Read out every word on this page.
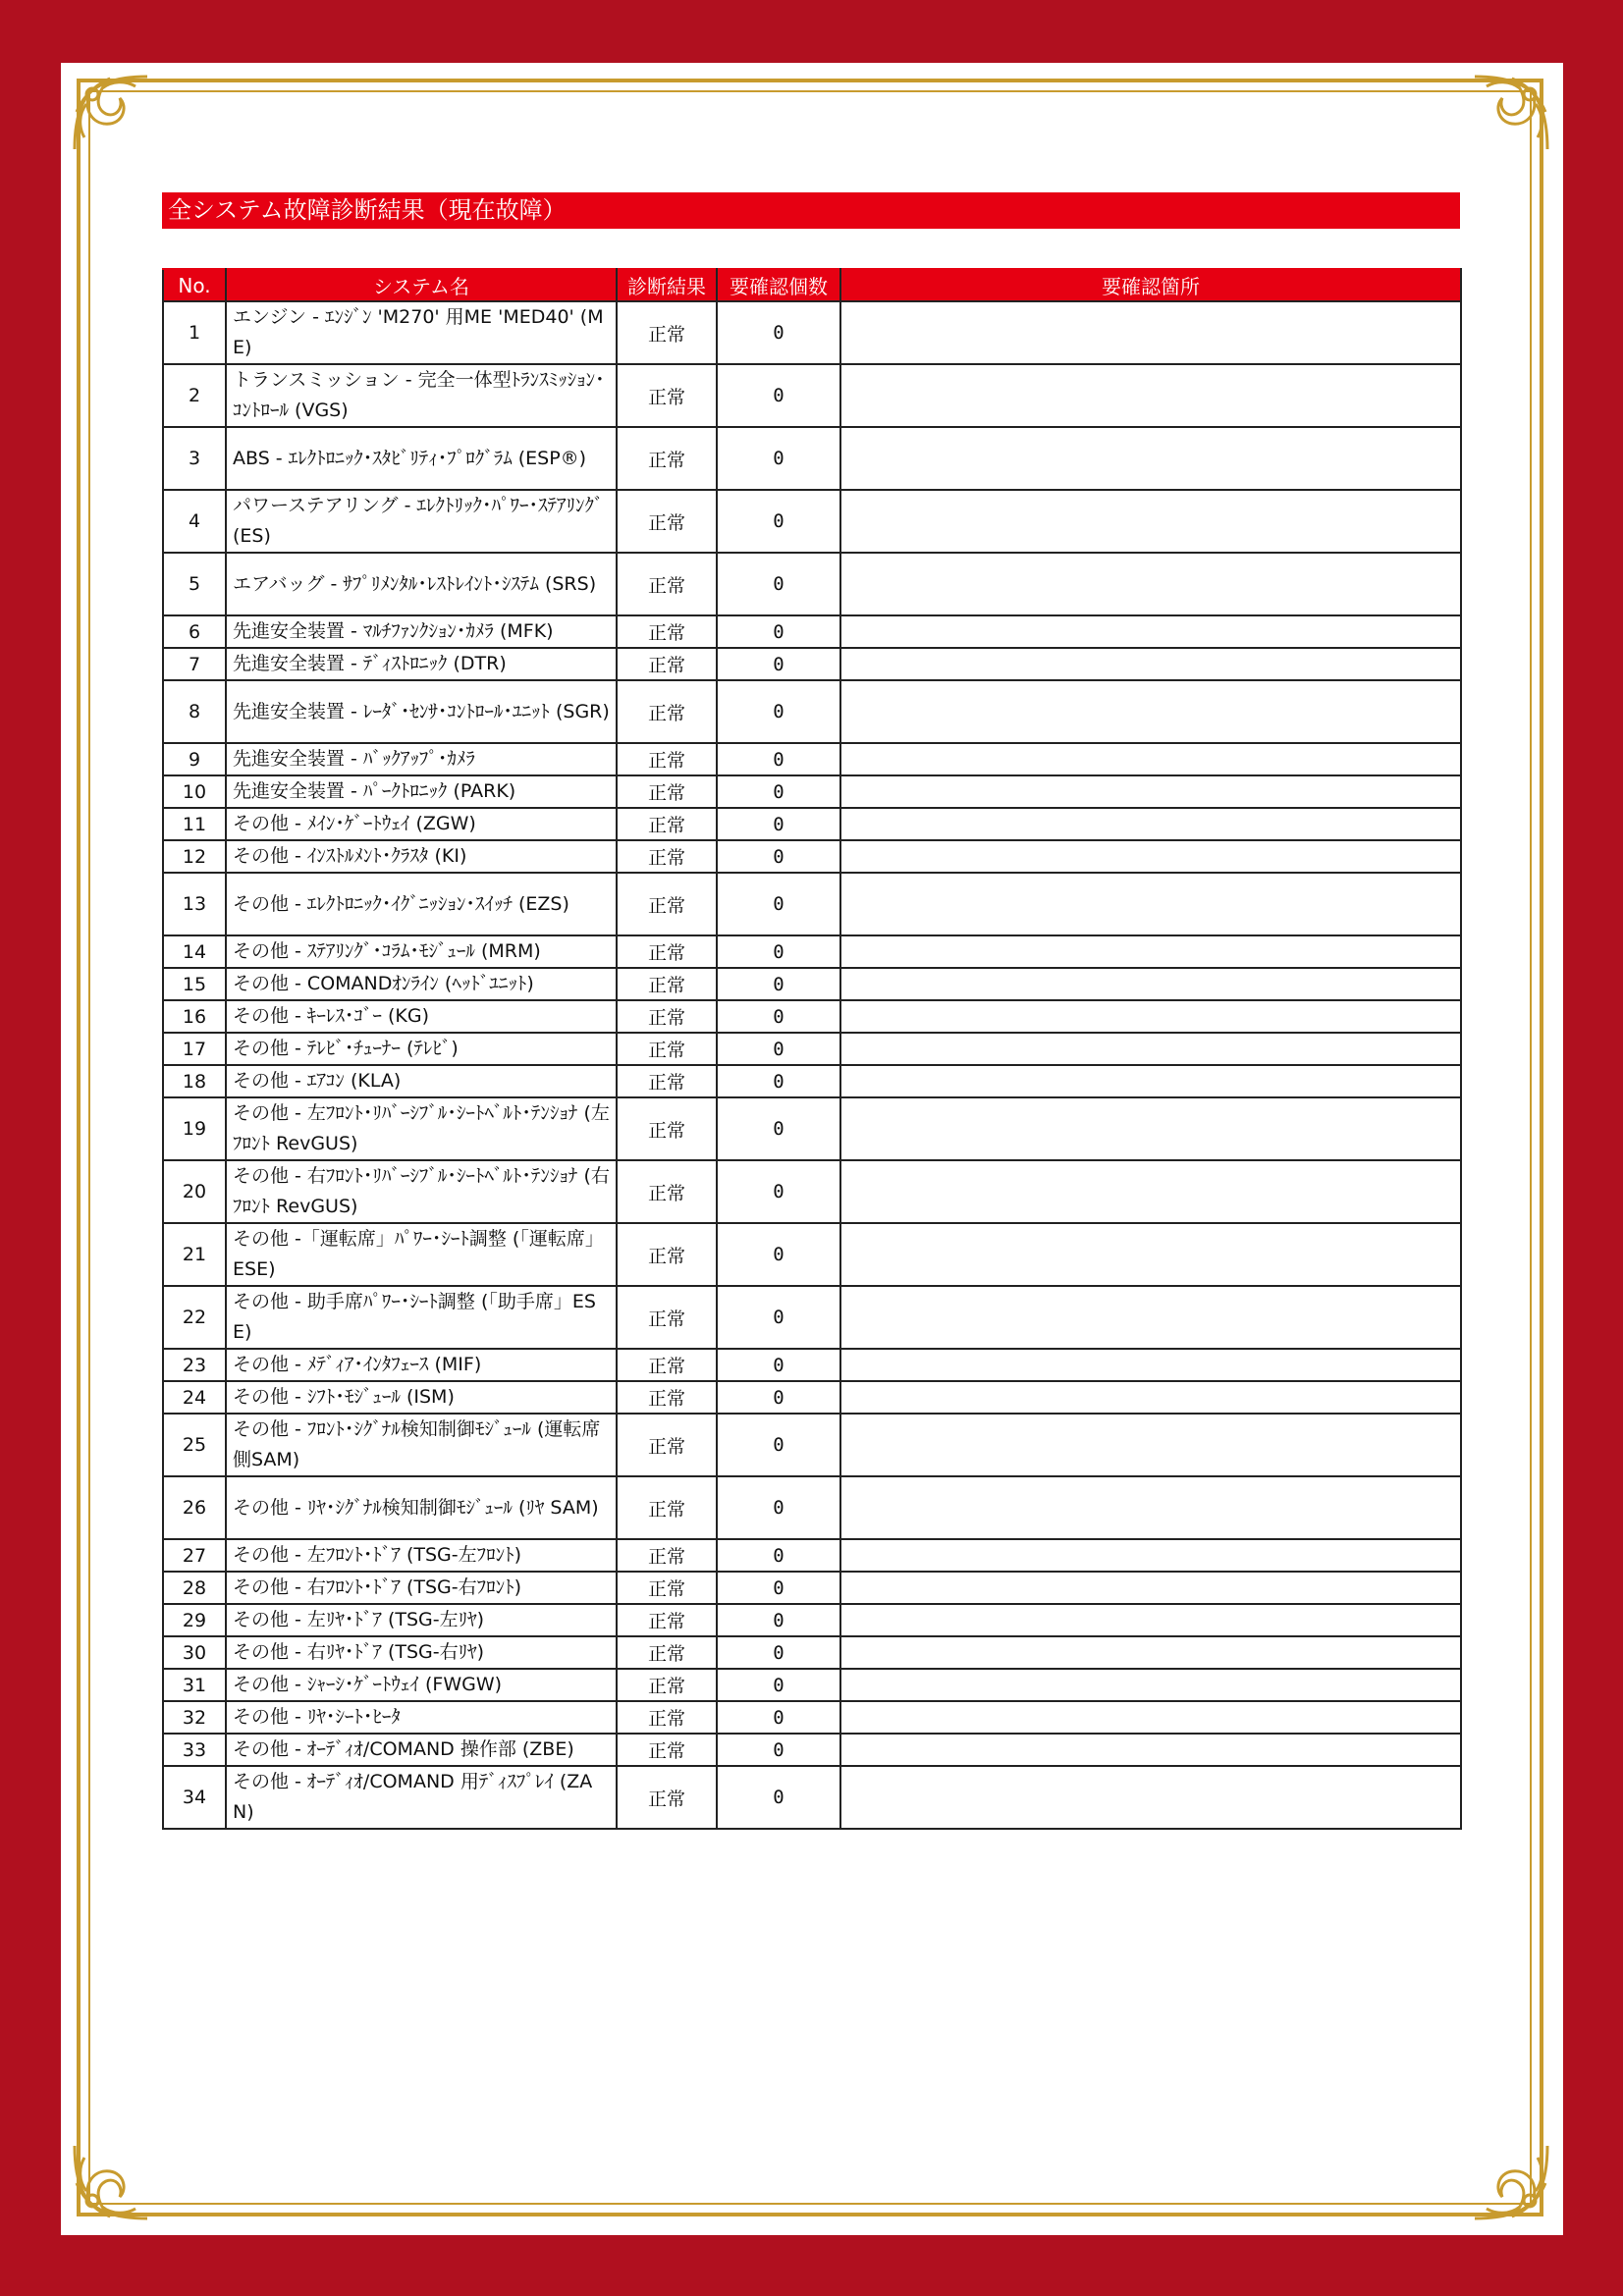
全システム故障診断結果（現在故障）
No.	システム名	診断結果	要確認個数	要確認箇所
1	エンジン - ｴﾝｼﾞﾝ 'M270' 用ME 'MED40' (ME)	正常	0	
2	トランスミッション - 完全一体型ﾄﾗﾝｽﾐｯｼｮﾝ･ｺﾝﾄﾛｰﾙ (VGS)	正常	0	
3	ABS - ｴﾚｸﾄﾛﾆｯｸ･ｽﾀﾋﾞﾘﾃｨ･ﾌﾟﾛｸﾞﾗﾑ (ESP®)	正常	0	
4	パワーステアリング - ｴﾚｸﾄﾘｯｸ･ﾊﾟﾜｰ･ｽﾃｱﾘﾝｸﾞ (ES)	正常	0	
5	エアバッグ - ｻﾌﾟﾘﾒﾝﾀﾙ･ﾚｽﾄﾚｲﾝﾄ･ｼｽﾃﾑ (SRS)	正常	0	
6	先進安全装置 - ﾏﾙﾁﾌｧﾝｸｼｮﾝ･ｶﾒﾗ (MFK)	正常	0	
7	先進安全装置 - ﾃﾞｨｽﾄﾛﾆｯｸ (DTR)	正常	0	
8	先進安全装置 - ﾚｰﾀﾞ･ｾﾝｻ･ｺﾝﾄﾛｰﾙ･ﾕﾆｯﾄ (SGR)	正常	0	
9	先進安全装置 - ﾊﾞｯｸｱｯﾌﾟ･ｶﾒﾗ	正常	0	
10	先進安全装置 - ﾊﾟｰｸﾄﾛﾆｯｸ (PARK)	正常	0	
11	その他 - ﾒｲﾝ･ｹﾞｰﾄｳｪｲ (ZGW)	正常	0	
12	その他 - ｲﾝｽﾄﾙﾒﾝﾄ･ｸﾗｽﾀ (KI)	正常	0	
13	その他 - ｴﾚｸﾄﾛﾆｯｸ･ｲｸﾞﾆｯｼｮﾝ･ｽｲｯﾁ (EZS)	正常	0	
14	その他 - ｽﾃｱﾘﾝｸﾞ･ｺﾗﾑ･ﾓｼﾞｭｰﾙ (MRM)	正常	0	
15	その他 - COMANDｵﾝﾗｲﾝ (ﾍｯﾄﾞﾕﾆｯﾄ)	正常	0	
16	その他 - ｷｰﾚｽ･ｺﾞｰ (KG)	正常	0	
17	その他 - ﾃﾚﾋﾞ･ﾁｭｰﾅｰ (ﾃﾚﾋﾞ)	正常	0	
18	その他 - ｴｱｺﾝ (KLA)	正常	0	
19	その他 - 左ﾌﾛﾝﾄ･ﾘﾊﾞｰｼﾌﾞﾙ･ｼｰﾄﾍﾞﾙﾄ･ﾃﾝｼｮﾅ (左ﾌﾛﾝﾄ RevGUS)	正常	0	
20	その他 - 右ﾌﾛﾝﾄ･ﾘﾊﾞｰｼﾌﾞﾙ･ｼｰﾄﾍﾞﾙﾄ･ﾃﾝｼｮﾅ (右ﾌﾛﾝﾄ RevGUS)	正常	0	
21	その他 -「運転席」ﾊﾟﾜｰ･ｼｰﾄ調整 (「運転席」ESE)	正常	0	
22	その他 - 助手席ﾊﾟﾜｰ･ｼｰﾄ調整 (「助手席」ESE)	正常	0	
23	その他 - ﾒﾃﾞｨｱ･ｲﾝﾀﾌｪｰｽ (MIF)	正常	0	
24	その他 - ｼﾌﾄ･ﾓｼﾞｭｰﾙ (ISM)	正常	0	
25	その他 - ﾌﾛﾝﾄ･ｼｸﾞﾅﾙ検知制御ﾓｼﾞｭｰﾙ (運転席側SAM)	正常	0	
26	その他 - ﾘﾔ･ｼｸﾞﾅﾙ検知制御ﾓｼﾞｭｰﾙ (ﾘﾔ SAM)	正常	0	
27	その他 - 左ﾌﾛﾝﾄ･ﾄﾞｱ (TSG-左ﾌﾛﾝﾄ)	正常	0	
28	その他 - 右ﾌﾛﾝﾄ･ﾄﾞｱ (TSG-右ﾌﾛﾝﾄ)	正常	0	
29	その他 - 左ﾘﾔ･ﾄﾞｱ (TSG-左ﾘﾔ)	正常	0	
30	その他 - 右ﾘﾔ･ﾄﾞｱ (TSG-右ﾘﾔ)	正常	0	
31	その他 - ｼｬｰｼ･ｹﾞｰﾄｳｪｲ (FWGW)	正常	0	
32	その他 - ﾘﾔ･ｼｰﾄ･ﾋｰﾀ	正常	0	
33	その他 - ｵｰﾃﾞｨｵ/COMAND 操作部 (ZBE)	正常	0	
34	その他 - ｵｰﾃﾞｨｵ/COMAND 用ﾃﾞｨｽﾌﾟﾚｲ (ZAN)	正常	0	
